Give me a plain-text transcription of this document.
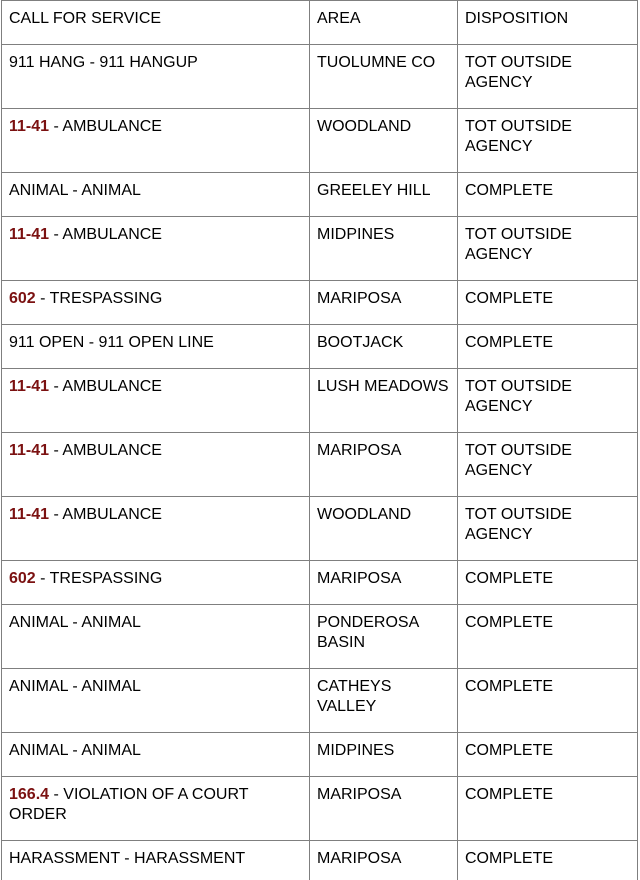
CALL FOR SERVICE	AREA	DISPOSITION
911 HANG - 911 HANGUP	TUOLUMNE CO	TOT OUTSIDE AGENCY
11-41 - AMBULANCE	WOODLAND	TOT OUTSIDE AGENCY
ANIMAL - ANIMAL	GREELEY HILL	COMPLETE
11-41 - AMBULANCE	MIDPINES	TOT OUTSIDE AGENCY
602 - TRESPASSING	MARIPOSA	COMPLETE
911 OPEN - 911 OPEN LINE	BOOTJACK	COMPLETE
11-41 - AMBULANCE	LUSH MEADOWS	TOT OUTSIDE AGENCY
11-41 - AMBULANCE	MARIPOSA	TOT OUTSIDE AGENCY
11-41 - AMBULANCE	WOODLAND	TOT OUTSIDE AGENCY
602 - TRESPASSING	MARIPOSA	COMPLETE
ANIMAL - ANIMAL	PONDEROSA BASIN	COMPLETE
ANIMAL - ANIMAL	CATHEYS VALLEY	COMPLETE
ANIMAL - ANIMAL	MIDPINES	COMPLETE
166.4 - VIOLATION OF A COURT ORDER	MARIPOSA	COMPLETE
HARASSMENT - HARASSMENT	MARIPOSA	COMPLETE
